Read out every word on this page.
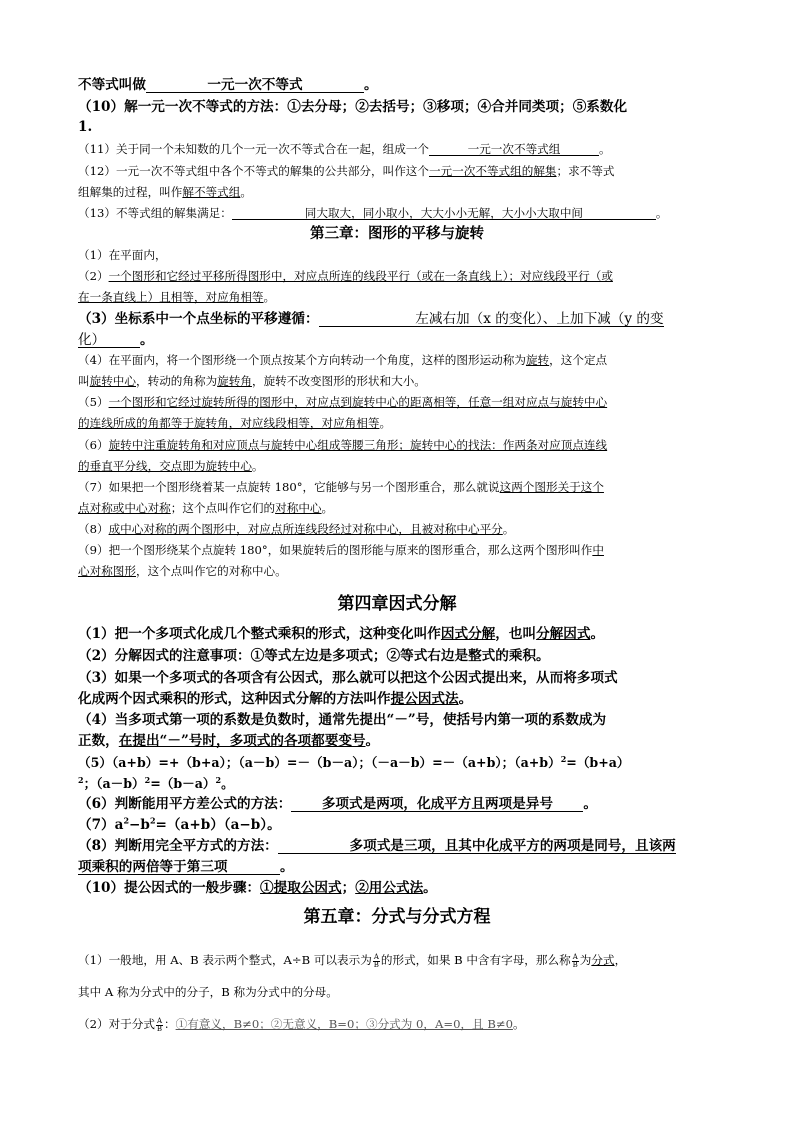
不等式叫做	一元一次不等式	。
（10）解一元一次不等式的方法：①去分母；②去括号；③移项；④合并同类项；⑤系数化
1.
（11）关于同一个未知数的几个一元一次不等式合在一起，组成一个	一元一次不等式组	。
（12）一元一次不等式组中各个不等式的解集的公共部分，叫作这个一元一次不等式组的解集；求不等式
组解集的过程，叫作解不等式组。
（13）不等式组的解集满足：	同大取大，同小取小，大大小小无解，大小小大取中间	。
第三章：图形的平移与旋转
（1）在平面内，
（2）一个图形和它经过平移所得图形中，对应点所连的线段平行（或在一条直线上）；对应线段平行（或
在一条直线上）且相等，对应角相等。
（3）坐标系中一个点坐标的平移遵循：	左减右加（x 的变化）、上加下减（y 的变
化）	。
（4）在平面内，将一个图形绕一个顶点按某个方向转动一个角度，这样的图形运动称为旋转，这个定点
叫旋转中心，转动的角称为旋转角，旋转不改变图形的形状和大小。
（5）一个图形和它经过旋转所得的图形中，对应点到旋转中心的距离相等，任意一组对应点与旋转中心
的连线所成的角都等于旋转角，对应线段相等，对应角相等。
（6）旋转中注重旋转角和对应顶点与旋转中心组成等腰三角形；旋转中心的找法：作两条对应顶点连线
的垂直平分线，交点即为旋转中心。
（7）如果把一个图形绕着某一点旋转 180°，它能够与另一个图形重合，那么就说这两个图形关于这个
点对称或中心对称；这个点叫作它们的对称中心。
（8）成中心对称的两个图形中，对应点所连线段经过对称中心，且被对称中心平分。
（9）把一个图形绕某个点旋转 180°，如果旋转后的图形能与原来的图形重合，那么这两个图形叫作中
心对称图形，这个点叫作它的对称中心。
第四章因式分解
（1）把一个多项式化成几个整式乘积的形式，这种变化叫作因式分解，也叫分解因式。
（2）分解因式的注意事项：①等式左边是多项式；②等式右边是整式的乘积。
（3）如果一个多项式的各项含有公因式，那么就可以把这个公因式提出来，从而将多项式
化成两个因式乘积的形式，这种因式分解的方法叫作提公因式法。
（4）当多项式第一项的系数是负数时，通常先提出“－”号，使括号内第一项的系数成为
正数，在提出“－”号时，多项式的各项都要变号。
（5）（a+b）=+（b+a）；（a－b）=－（b－a）；（－a－b）=－（a+b）；$(a+b)^2=(b+a)$
$^2$；$(a-b)^2=(b-a)^2$。
（6）判断能用平方差公式的方法： 多项式是两项，化成平方且两项是异号 。
$(7)a^2-b^2=(a+b)(a-b)$。
（8）判断用完全平方式的方法：	多项式是三项，且其中化成平方的两项是同号，且该两
项乘积的两倍等于第三项	。
（10）提公因式的一般步骤：①提取公因式；②用公式法。
第五章：分式与分式方程
（1）一般地，用 A、B 表示两个整式，A÷B 可以表示为 $\frac{A}{B}$ 的形式，如果 B 中含有字母，那么称 $\frac{A}{B}$ 为分式，
其中 A 称为分式中的分子，B 称为分式中的分母。
（2）对于分式 $\frac{A}{B}$ ：①有意义，B≠0；②无意义，B=0；③分式为 0，A=0，且 B≠0。
